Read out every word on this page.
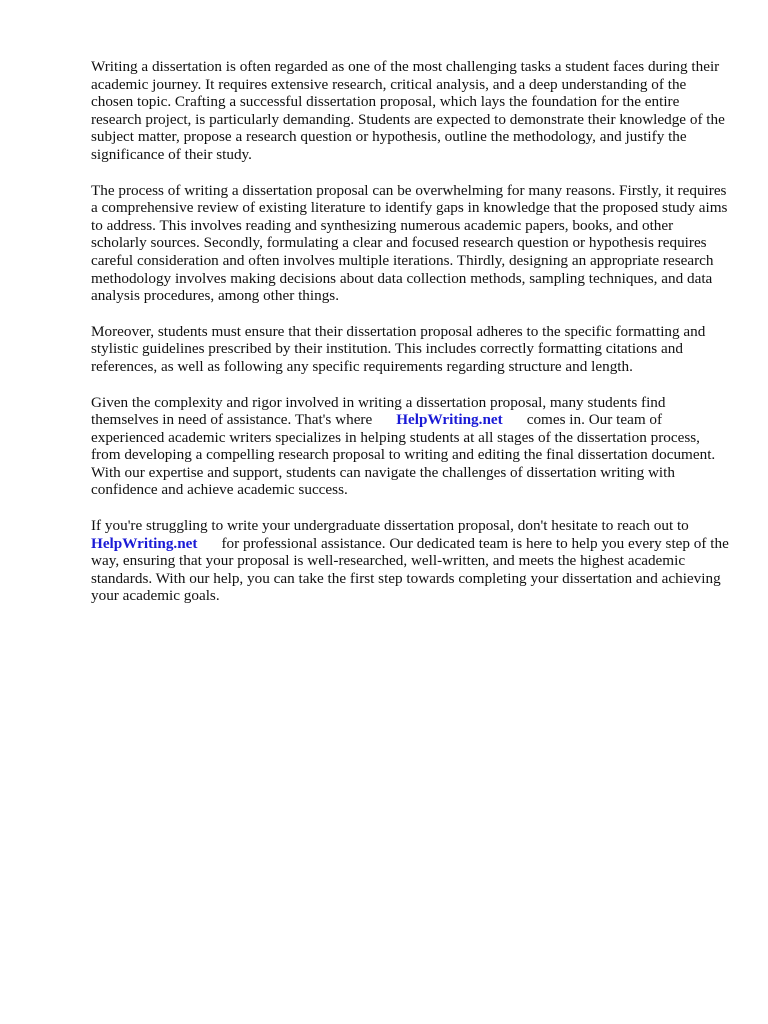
Writing a dissertation is often regarded as one of the most challenging tasks a student faces during their academic journey. It requires extensive research, critical analysis, and a deep understanding of the chosen topic. Crafting a successful dissertation proposal, which lays the foundation for the entire research project, is particularly demanding. Students are expected to demonstrate their knowledge of the subject matter, propose a research question or hypothesis, outline the methodology, and justify the significance of their study.

The process of writing a dissertation proposal can be overwhelming for many reasons. Firstly, it requires a comprehensive review of existing literature to identify gaps in knowledge that the proposed study aims to address. This involves reading and synthesizing numerous academic papers, books, and other scholarly sources. Secondly, formulating a clear and focused research question or hypothesis requires careful consideration and often involves multiple iterations. Thirdly, designing an appropriate research methodology involves making decisions about data collection methods, sampling techniques, and data analysis procedures, among other things.

Moreover, students must ensure that their dissertation proposal adheres to the specific formatting and stylistic guidelines prescribed by their institution. This includes correctly formatting citations and references, as well as following any specific requirements regarding structure and length.

Given the complexity and rigor involved in writing a dissertation proposal, many students find themselves in need of assistance. That's where HelpWriting.net comes in. Our team of experienced academic writers specializes in helping students at all stages of the dissertation process, from developing a compelling research proposal to writing and editing the final dissertation document. With our expertise and support, students can navigate the challenges of dissertation writing with confidence and achieve academic success.

If you're struggling to write your undergraduate dissertation proposal, don't hesitate to reach out to HelpWriting.net for professional assistance. Our dedicated team is here to help you every step of the way, ensuring that your proposal is well-researched, well-written, and meets the highest academic standards. With our help, you can take the first step towards completing your dissertation and achieving your academic goals.
